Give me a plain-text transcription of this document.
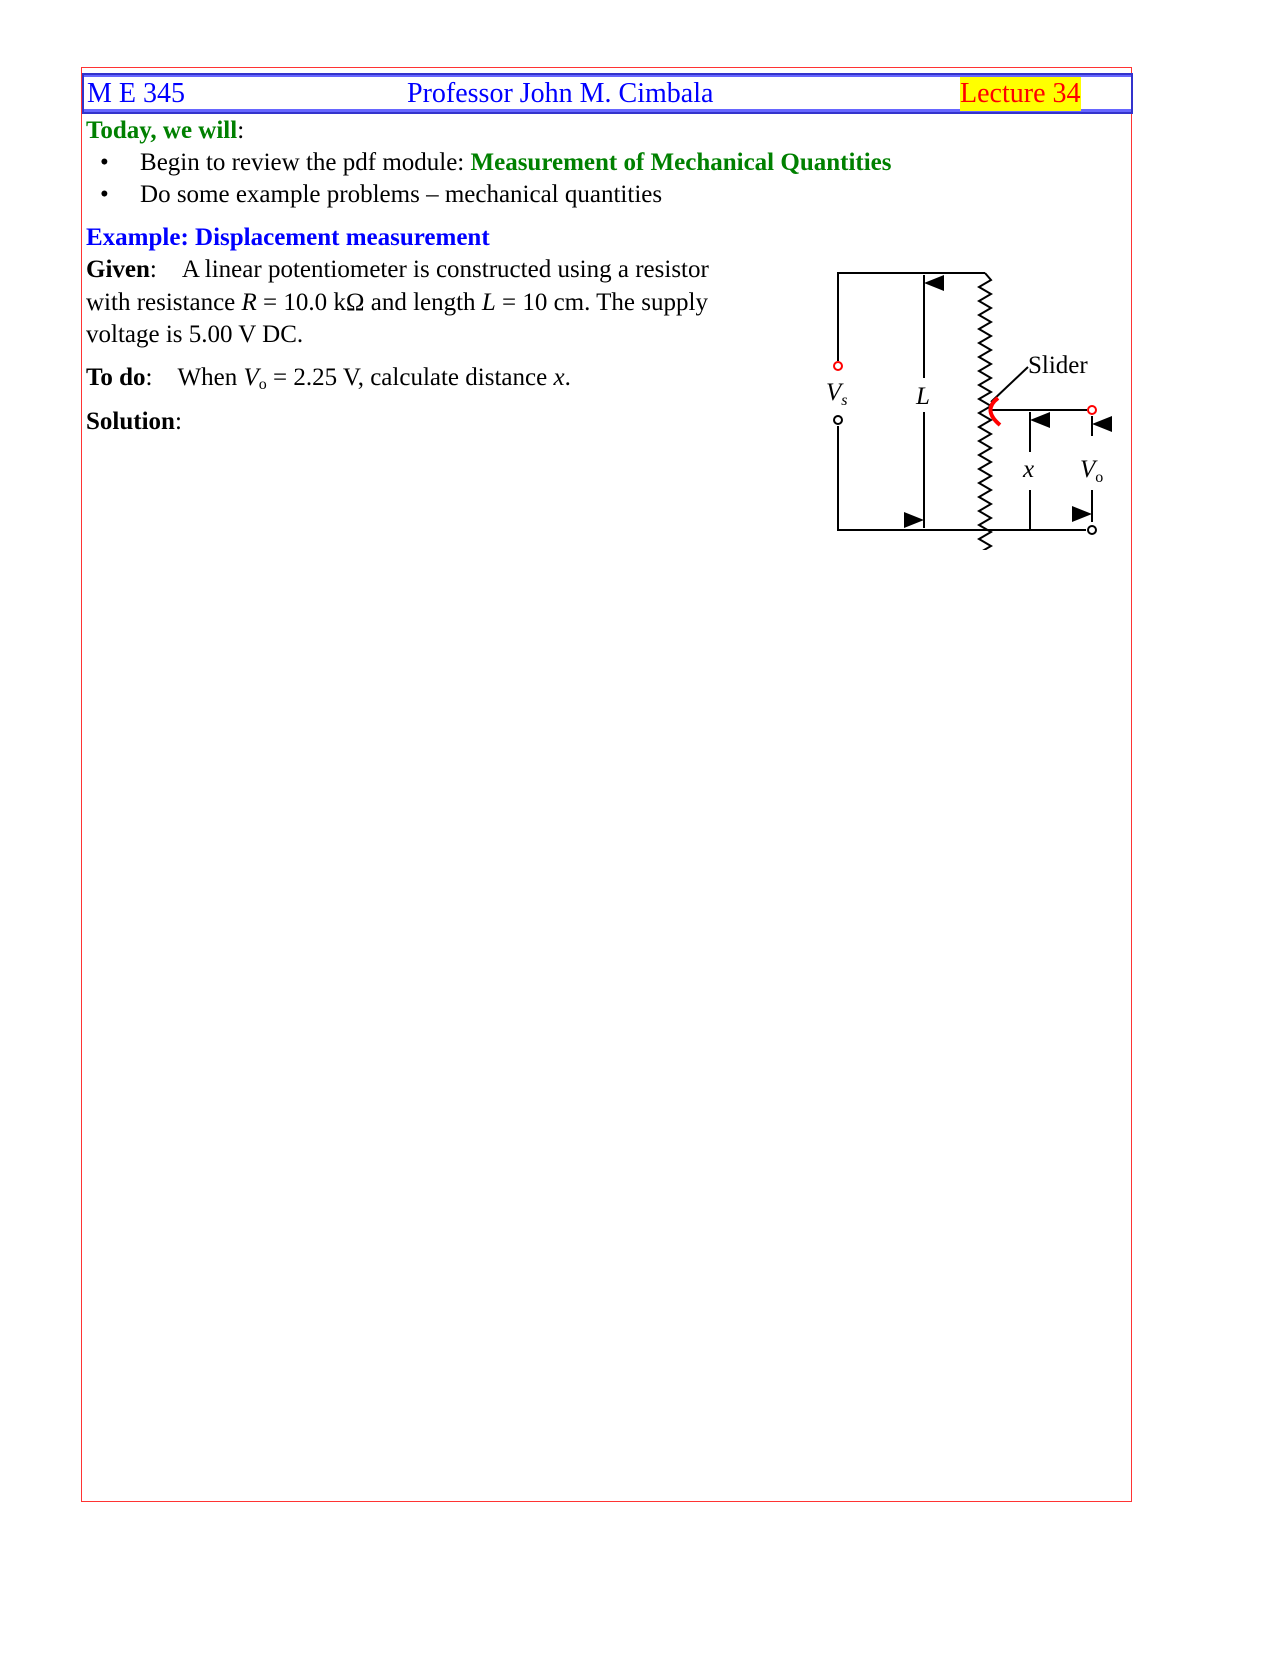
M E 345	Professor John M. Cimbala	Lecture 34
Today, we will:
•     Begin to review the pdf module: Measurement of Mechanical Quantities
•     Do some example problems – mechanical quantities
Example: Displacement measurement
Given:    A linear potentiometer is constructed using a resistor
with resistance R = 10.0 kΩ and length L = 10 cm. The supply
voltage is 5.00 V DC.
To do:    When $V_o = 2.25$ V, calculate distance x.
Solution:
$V_s$	L
Slider
x $V_o$
